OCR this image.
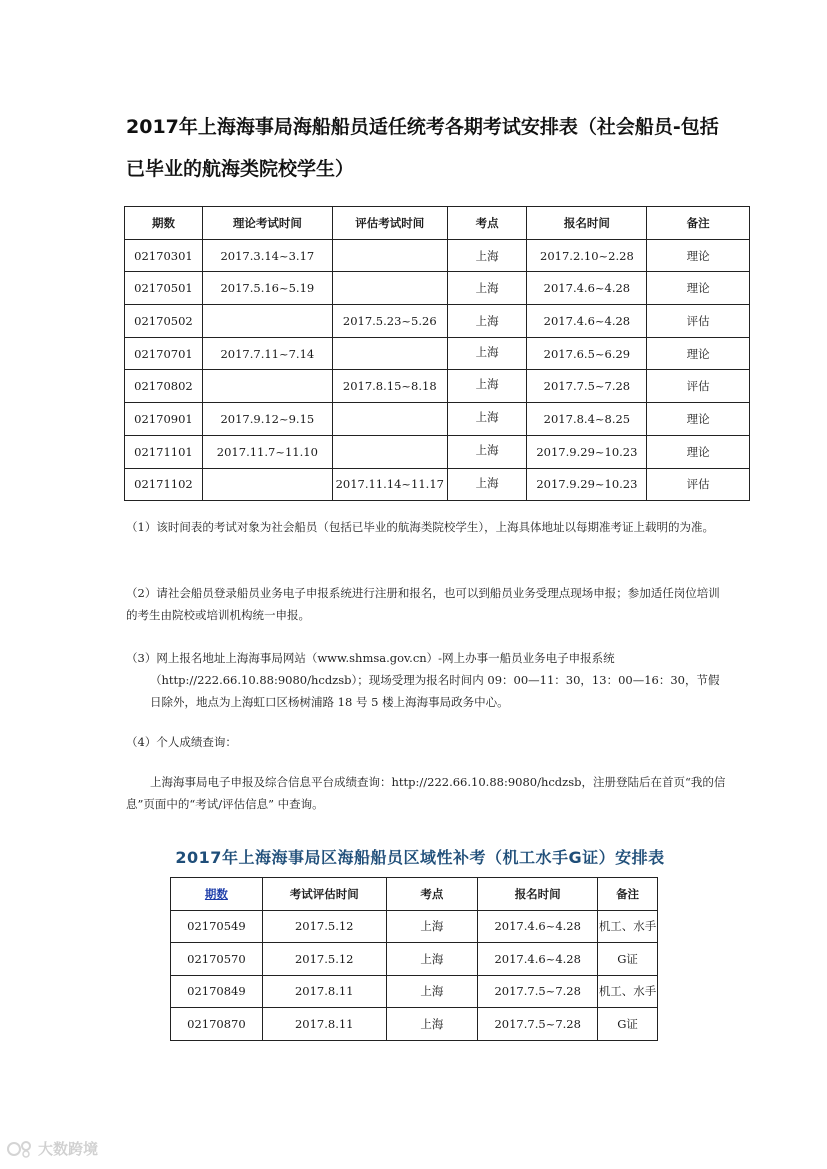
2017年上海海事局海船船员适任统考各期考试安排表（社会船员-包括已毕业的航海类院校学生）
期数	理论考试时间	评估考试时间	考点	报名时间	备注
02170301	2017.3.14~3.17		上海	2017.2.10~2.28	理论
02170501	2017.5.16~5.19		上海	2017.4.6~4.28	理论
02170502		2017.5.23~5.26	上海	2017.4.6~4.28	评估
02170701	2017.7.11~7.14		上海	2017.6.5~6.29	理论
02170802		2017.8.15~8.18	上海	2017.7.5~7.28	评估
02170901	2017.9.12~9.15		上海	2017.8.4~8.25	理论
02171101	2017.11.7~11.10		上海	2017.9.29~10.23	理论
02171102		2017.11.14~11.17	上海	2017.9.29~10.23	评估

（1）该时间表的考试对象为社会船员（包括已毕业的航海类院校学生），上海具体地址以每期准考证上载明的为准。

（2）请社会船员登录船员业务电子申报系统进行注册和报名，也可以到船员业务受理点现场申报；参加适任岗位培训的考生由院校或培训机构统一申报。

（3）网上报名地址上海海事局网站（www.shmsa.gov.cn）-网上办事一船员业务电子申报系统

（http://222.66.10.88:9080/hcdzsb）；现场受理为报名时间内 09：00—11：30，13：00—16：30，节假日除外，地点为上海虹口区杨树浦路 18 号 5 楼上海海事局政务中心。

（4）个人成绩查询：

上海海事局电子申报及综合信息平台成绩查询：http://222.66.10.88:9080/hcdzsb，注册登陆后在首页“我的信息”页面中的“考试/评估信息” 中查询。

2017年上海海事局区海船船员区域性补考（机工水手G证）安排表
期数	考试评估时间	考点	报名时间	备注
02170549	2017.5.12	上海	2017.4.6~4.28	机工、水手
02170570	2017.5.12	上海	2017.4.6~4.28	G证
02170849	2017.8.11	上海	2017.7.5~7.28	机工、水手
02170870	2017.8.11	上海	2017.7.5~7.28	G证
大数跨境
